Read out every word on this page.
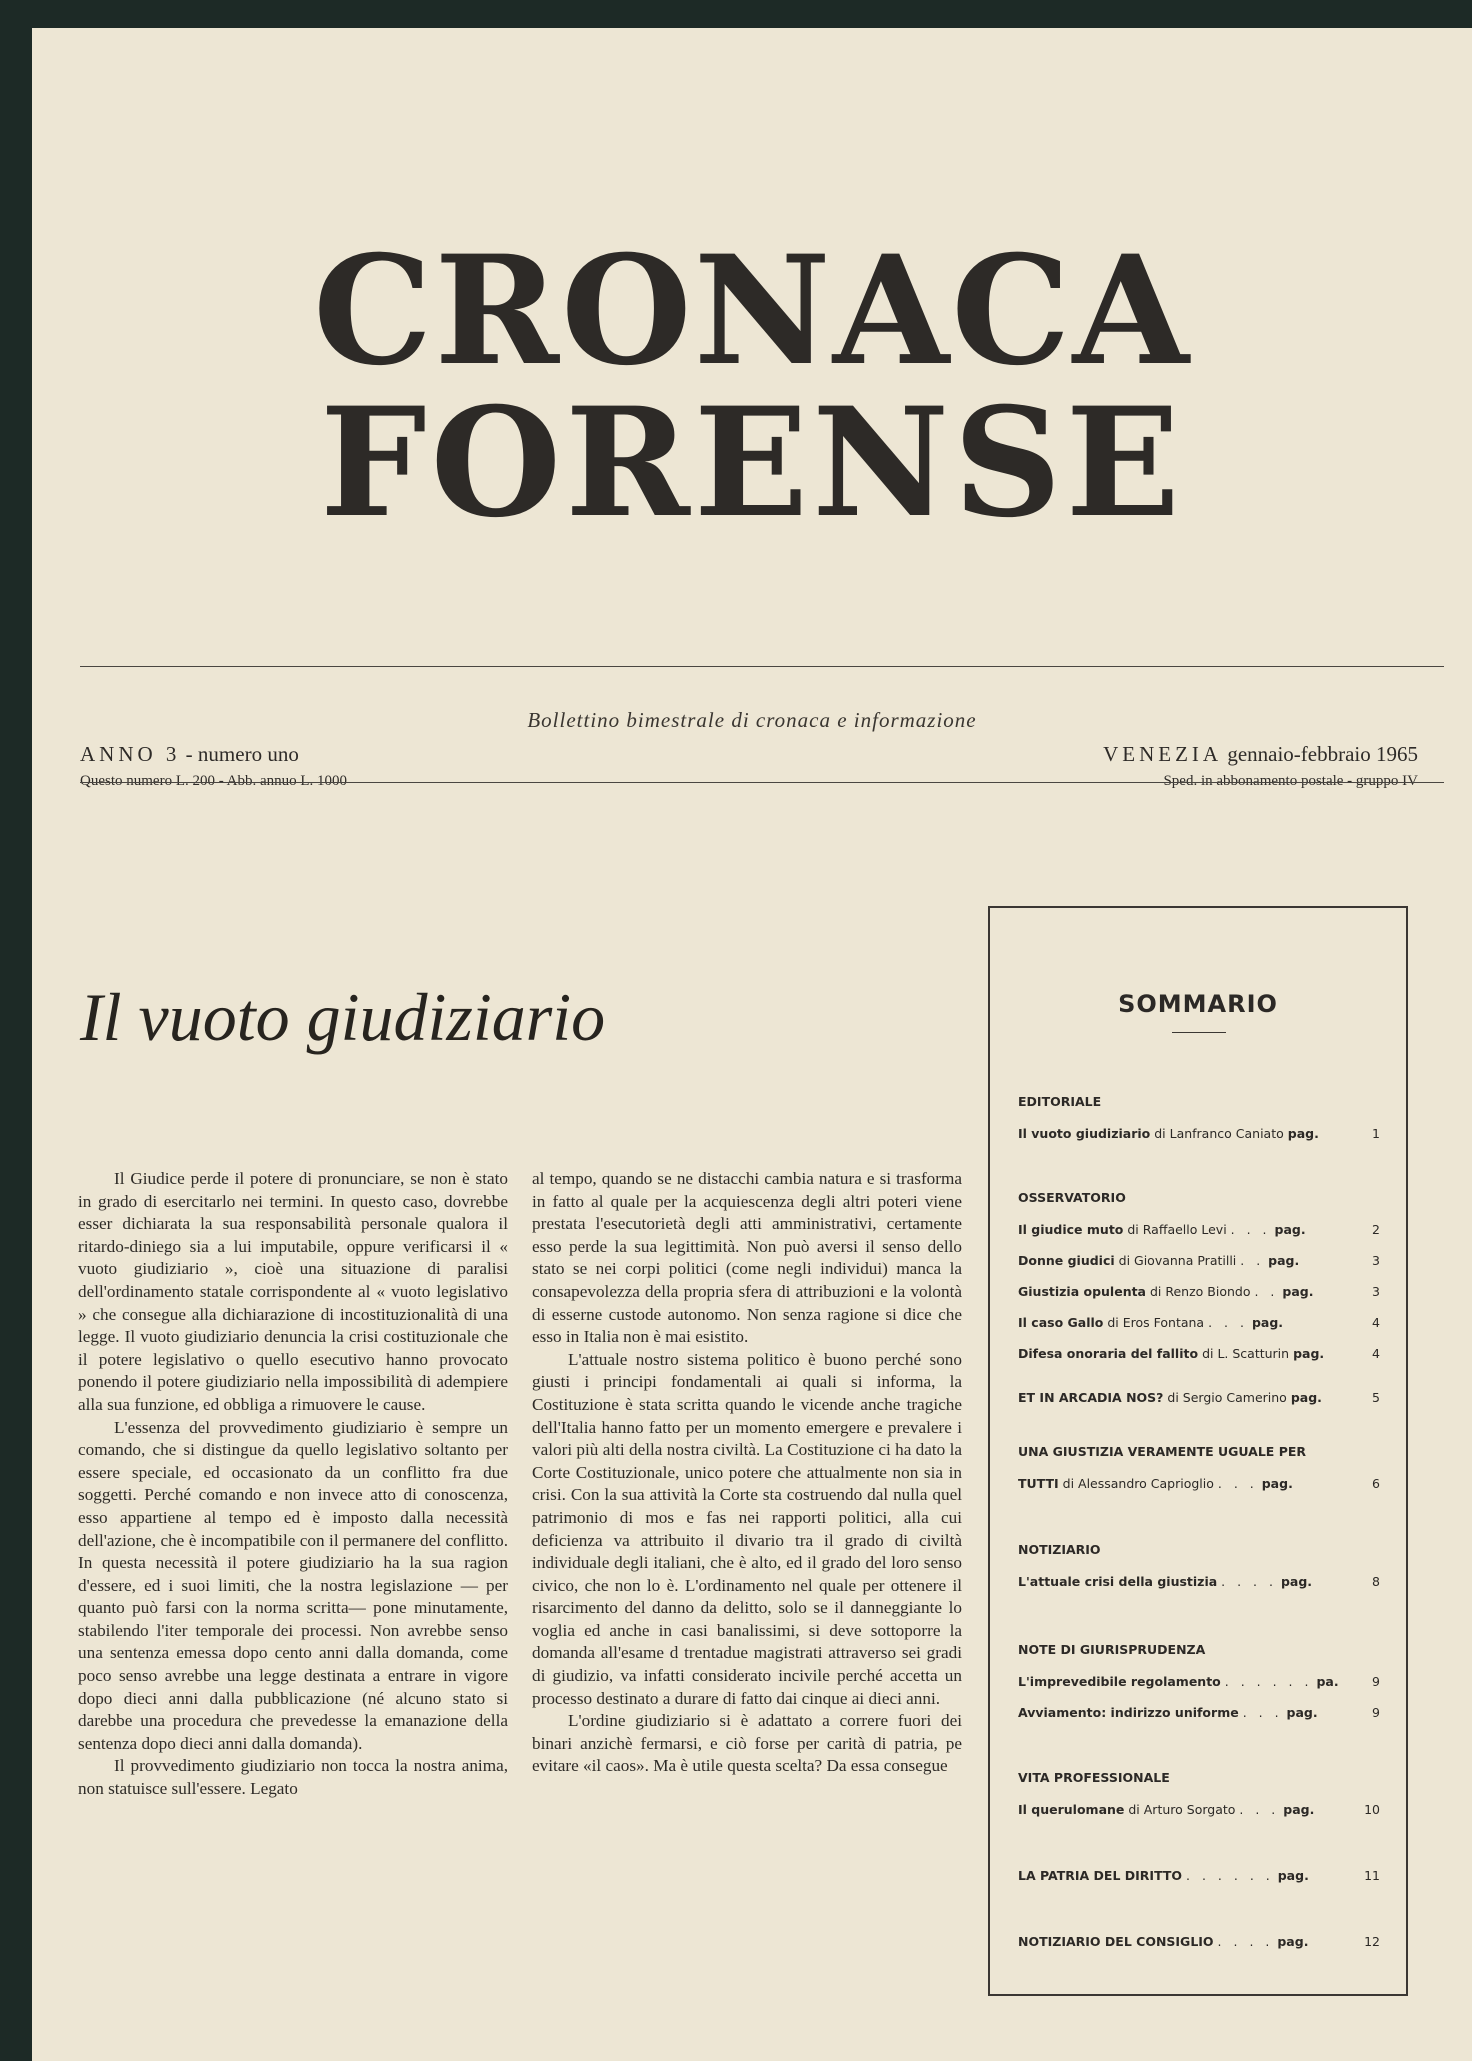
CRONACA
FORENSE
Bollettino bimestrale di cronaca e informazione
ANNO 3 - numero uno
Questo numero L. 200 - Abb. annuo L. 1000
VENEZIA gennaio-febbraio 1965
Sped. in abbonamento postale - gruppo IV
Il vuoto giudiziario

Il Giudice perde il potere di pronunciare, se non è stato in grado di esercitarlo nei termini. In questo caso, dovrebbe esser dichiarata la sua responsabilità personale qualora il ritardo-diniego sia a lui imputabile, oppure verificarsi il « vuoto giudiziario », cioè una situazione di paralisi dell'ordinamento statale corrispondente al « vuoto legislativo » che consegue alla dichiarazione di incostituzionalità di una legge. Il vuoto giudiziario denuncia la crisi costituzionale che il potere legislativo o quello esecutivo hanno provocato ponendo il potere giudiziario nella impossibilità di adempiere alla sua funzione, ed obbliga a rimuovere le cause.

L'essenza del provvedimento giudiziario è sempre un comando, che si distingue da quello legislativo soltanto per essere speciale, ed occasionato da un conflitto fra due soggetti. Perché comando e non invece atto di conoscenza, esso appartiene al tempo ed è imposto dalla necessità dell'azione, che è incompatibile con il permanere del conflitto. In questa necessità il potere giudiziario ha la sua ragion d'essere, ed i suoi limiti, che la nostra legislazione — per quanto può farsi con la norma scritta— pone minutamente, stabilendo l'iter temporale dei processi. Non avrebbe senso una sentenza emessa dopo cento anni dalla domanda, come poco senso avrebbe una legge destinata a entrare in vigore dopo dieci anni dalla pubblicazione (né alcuno stato si darebbe una procedura che prevedesse la emanazione della sentenza dopo dieci anni dalla domanda).

Il provvedimento giudiziario non tocca la nostra anima, non statuisce sull'essere. Legato

al tempo, quando se ne distacchi cambia natura e si trasforma in fatto al quale per la acquiescenza degli altri poteri viene prestata l'esecutorietà degli atti amministrativi, certamente esso perde la sua legittimità. Non può aversi il senso dello stato se nei corpi politici (come negli individui) manca la consapevolezza della propria sfera di attribuzioni e la volontà di esserne custode autonomo. Non senza ragione si dice che esso in Italia non è mai esistito.

L'attuale nostro sistema politico è buono perché sono giusti i principi fondamentali ai quali si informa, la Costituzione è stata scritta quando le vicende anche tragiche dell'Italia hanno fatto per un momento emergere e prevalere i valori più alti della nostra civiltà. La Costituzione ci ha dato la Corte Costituzionale, unico potere che attualmente non sia in crisi. Con la sua attività la Corte sta costruendo dal nulla quel patrimonio di mos e fas nei rapporti politici, alla cui deficienza va attribuito il divario tra il grado di civiltà individuale degli italiani, che è alto, ed il grado del loro senso civico, che non lo è. L'ordinamento nel quale per ottenere il risarcimento del danno da delitto, solo se il danneggiante lo voglia ed anche in casi banalissimi, si deve sottoporre la domanda all'esame d trentadue magistrati attraverso sei gradi di giudizio, va infatti considerato incivile perché accetta un processo destinato a durare di fatto dai cinque ai dieci anni.

L'ordine giudiziario si è adattato a correre fuori dei binari anzichè fermarsi, e ciò forse per carità di patria, pe evitare «il caos». Ma è utile questa scelta? Da essa consegue

SOMMARIO
EDITORIALE
Il vuoto giudiziario di Lanfranco Caniato pag.	1
OSSERVATORIO
Il giudice muto di Raffaello Levi . . . pag.	2
Donne giudici di Giovanna Pratilli . . pag.	3
Giustizia opulenta di Renzo Biondo . . pag.	3
Il caso Gallo di Eros Fontana . . . pag.	4
Difesa onoraria del fallito di L. Scatturin pag.	4
ET IN ARCADIA NOS? di Sergio Camerino pag.	5
UNA GIUSTIZIA VERAMENTE UGUALE PER
TUTTI di Alessandro Caprioglio . . . pag.	6
NOTIZIARIO
L'attuale crisi della giustizia . . . . pag.	8
NOTE DI GIURISPRUDENZA
L'imprevedibile regolamento . . . . . . pa.	9
Avviamento: indirizzo uniforme . . . pag.	9
VITA PROFESSIONALE
Il querulomane di Arturo Sorgato . . . pag.	10
LA PATRIA DEL DIRITTO . . . . . . pag.	11
NOTIZIARIO DEL CONSIGLIO . . . . pag.	12
